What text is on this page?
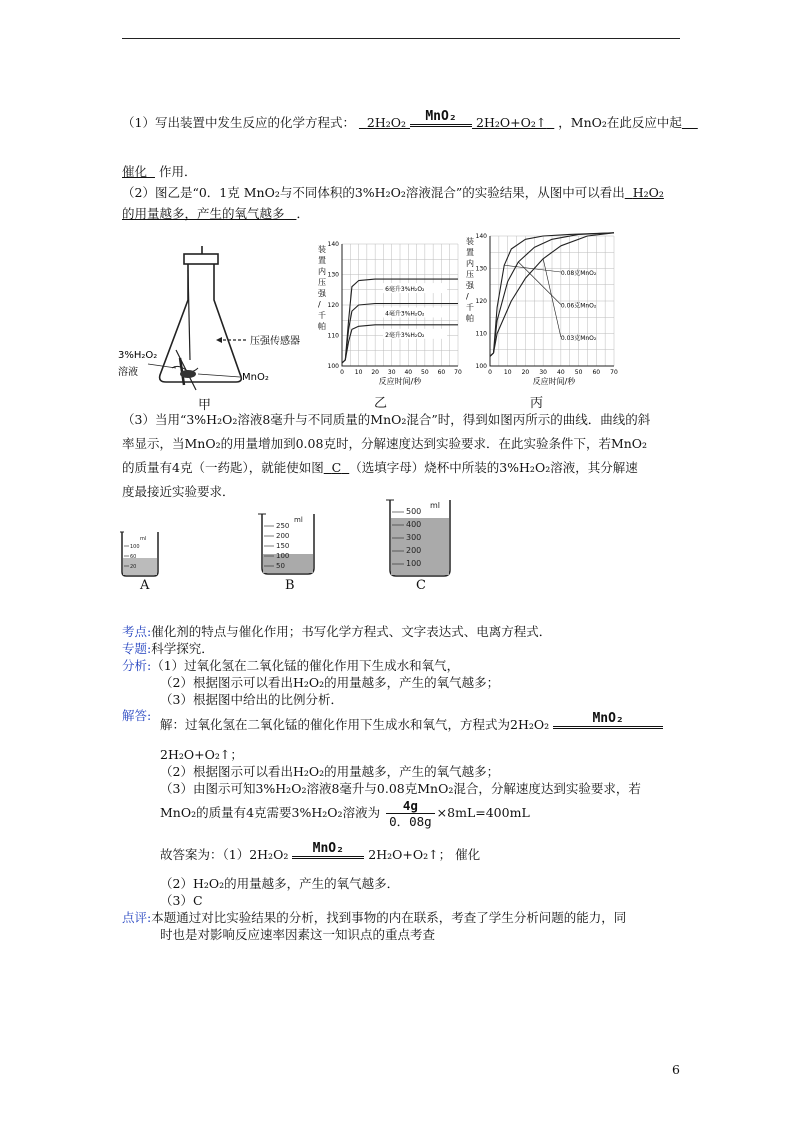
（1）写出装置中发生反应的化学方程式： 2H₂O₂	MnO₂	2H₂O+O₂↑ ，MnO₂在此反应中起
催化 作用．
（2）图乙是“0．1克 MnO₂与不同体积的3%H₂O₂溶液混合”的实验结果，从图中可以看出 H₂O₂
的用量越多，产生的氧气越多 ．
压强传感器
3%H₂O₂
溶液	MnO₂
甲
装置内压强/千帕
0 10 20 30 40 50 60 70
100
110
120
130
140
6毫升3%H₂O₂
4毫升3%H₂O₂
2毫升3%H₂O₂
反应时间/秒
乙
装置内压强/千帕
0 10 20 30 40 50 60 70
100
110
120
130
140
0.08克MnO₂
0.06克MnO₂
0.03克MnO₂
反应时间/秒
丙
（3）当用“3%H₂O₂溶液8毫升与不同质量的MnO₂混合”时，得到如图丙所示的曲线．曲线的斜
率显示，当MnO₂的用量增加到0.08克时，分解速度达到实验要求．在此实验条件下，若MnO₂
的质量有4克（一药匙），就能使如图 C （选填字母）烧杯中所装的3%H₂O₂溶液，其分解速
度最接近实验要求．
ml
100
60
20
ml
250
200
150
100
50
ml
500
400
300
200
100
A	B	C
考点:催化剂的特点与催化作用；书写化学方程式、文字表达式、电离方程式．
专题:科学探究．
分析:（1）过氧化氢在二氧化锰的催化作用下生成水和氧气，
（2）根据图示可以看出H₂O₂的用量越多，产生的氧气越多；
（3）根据图中给出的比例分析．
解答:
解：过氧化氢在二氧化锰的催化作用下生成水和氧气，方程式为2H₂O₂	MnO₂
2H₂O+O₂↑；
（2）根据图示可以看出H₂O₂的用量越多，产生的氧气越多；
（3）由图示可知3%H₂O₂溶液8毫升与0.08克MnO₂混合，分解速度达到实验要求，若
MnO₂的质量有4克需要3%H₂O₂溶液为 $\frac{4g}{0.08g} \times 8mL=400mL$
故答案为：（1）2H₂O₂	MnO₂	2H₂O+O₂↑； 催化
（2）H₂O₂的用量越多，产生的氧气越多．
（3）C
点评:本题通过对比实验结果的分析，找到事物的内在联系，考查了学生分析问题的能力，同
时也是对影响反应速率因素这一知识点的重点考查
6
